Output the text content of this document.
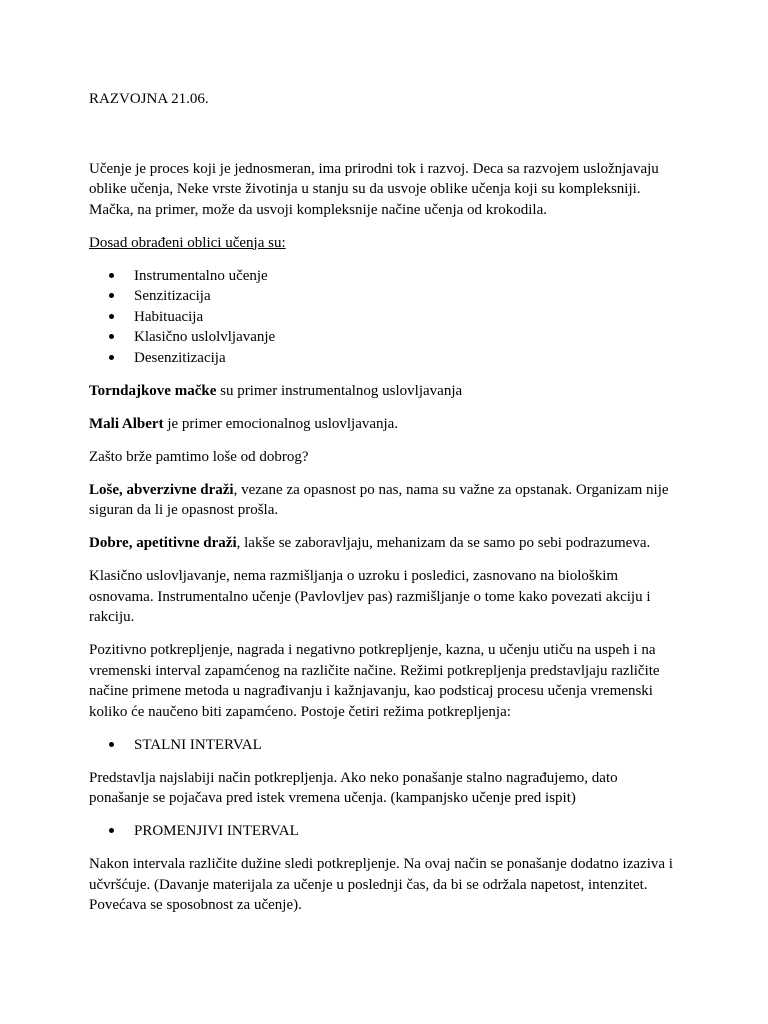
RAZVOJNA 21.06.

Učenje je proces koji je jednosmeran, ima prirodni tok i razvoj. Deca sa razvojem usložnjavaju oblike učenja, Neke vrste životinja u stanju su da usvoje oblike učenja koji su kompleksniji. Mačka, na primer, može da usvoji kompleksnije načine učenja od krokodila.

Dosad obrađeni oblici učenja su:

Instrumentalno učenje
Senzitizacija
Habituacija
Klasično uslolvljavanje
Desenzitizacija

Torndajkove mačke su primer instrumentalnog uslovljavanja

Mali Albert je primer emocionalnog uslovljavanja.

Zašto brže pamtimo loše od dobrog?

Loše, abverzivne draži, vezane za opasnost po nas, nama su važne za opstanak. Organizam nije siguran da li je opasnost prošla.

Dobre, apetitivne draži, lakše se zaboravljaju, mehanizam da se samo po sebi podrazumeva.

Klasično uslovljavanje, nema razmišljanja o uzroku i posledici, zasnovano na biološkim osnovama. Instrumentalno učenje (Pavlovljev pas) razmišljanje o tome kako povezati akciju i rakciju.

Pozitivno potkrepljenje, nagrada i negativno potkrepljenje, kazna, u učenju utiču na uspeh i na vremenski interval zapamćenog na različite načine. Režimi potkrepljenja predstavljaju različite načine primene metoda u nagrađivanju i kažnjavanju, kao podsticaj procesu učenja vremenski koliko će naučeno biti zapamćeno. Postoje četiri režima potkrepljenja:

STALNI INTERVAL

Predstavlja najslabiji način potkrepljenja. Ako neko ponašanje stalno nagrađujemo, dato ponašanje se pojačava pred istek vremena učenja. (kampanjsko učenje pred ispit)

PROMENJIVI INTERVAL

Nakon intervala različite dužine sledi potkrepljenje. Na ovaj način se ponašanje dodatno izaziva i učvršćuje. (Davanje materijala za učenje u poslednji čas, da bi se održala napetost, intenzitet. Povećava se sposobnost za učenje).
